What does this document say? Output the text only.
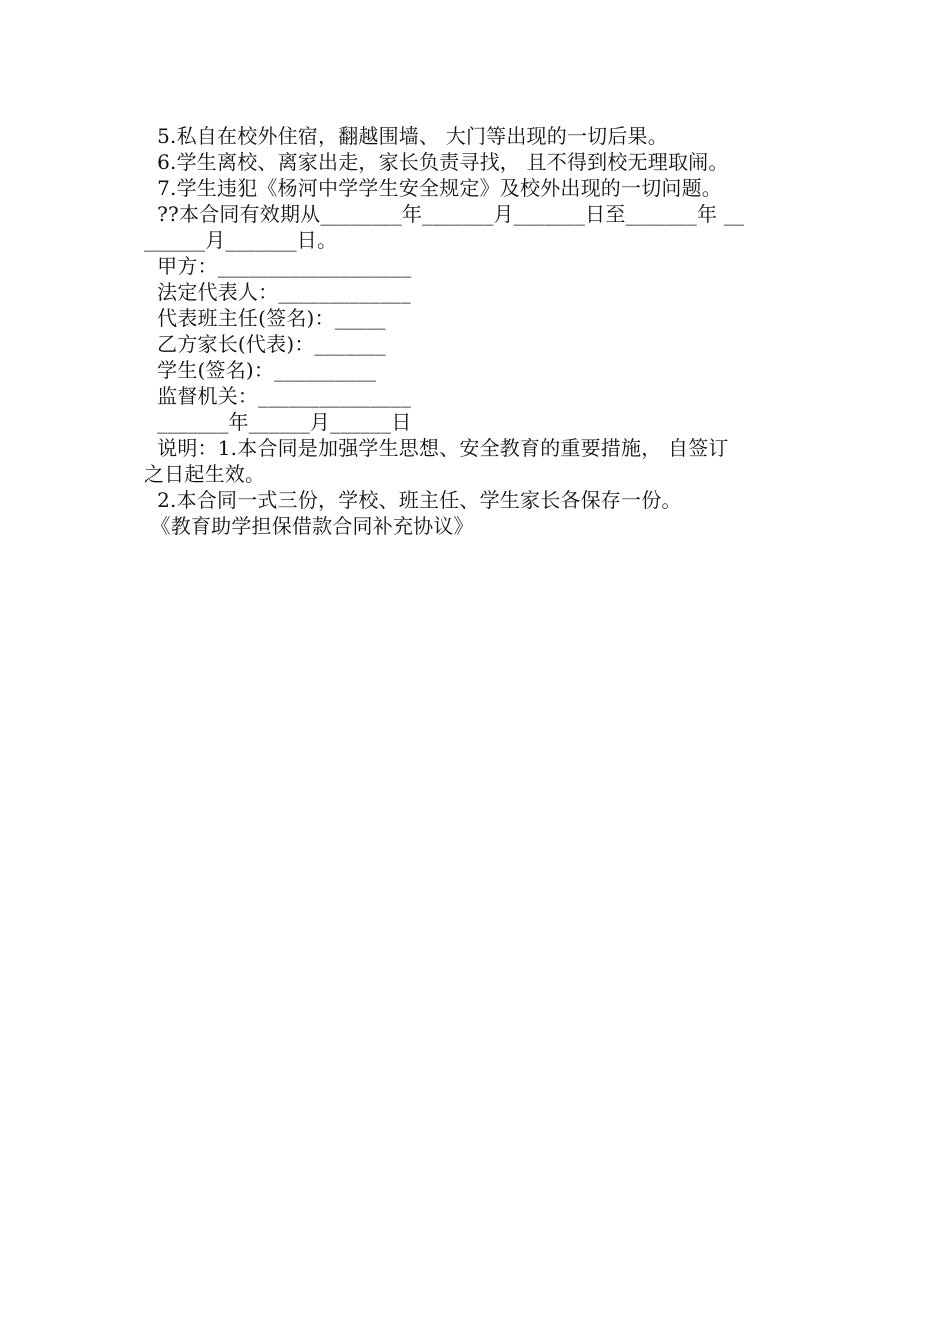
5.私自在校外住宿，翻越围墙、 大门等出现的一切后果。
6.学生离校、离家出走，家长负责寻找， 且不得到校无理取闹。
7.学生违犯《杨河中学学生安全规定》及校外出现的一切问题。
??本合同有效期从________年_______月_______日至_______年 __
______月_______日。
甲方：___________________
法定代表人：_____________
代表班主任(签名)：_____
乙方家长(代表)：_______
学生(签名)：__________
监督机关：_______________
_______年______月______日
说明：1.本合同是加强学生思想、安全教育的重要措施， 自签订
之日起生效。
2.本合同一式三份，学校、班主任、学生家长各保存一份。
《教育助学担保借款合同补充协议》
